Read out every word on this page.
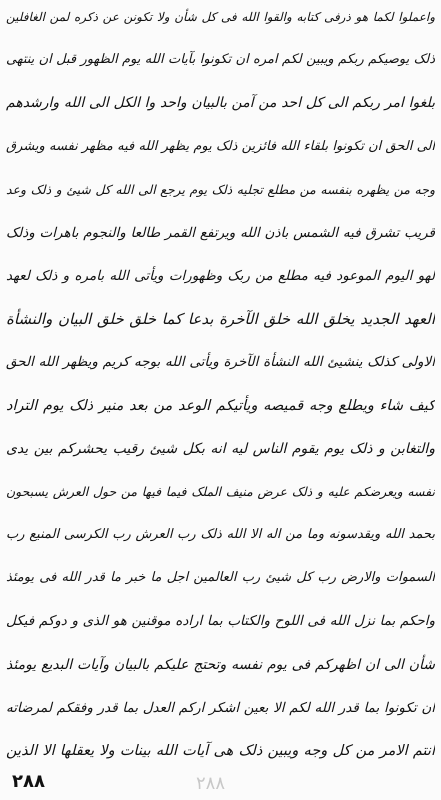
واعملوا لکما هو ذرفی کتابه والقوا الله فی کل شأن ولا تکونن عن ذکره لمن الغافلین
ذلک یوصیکم ربکم ویبین لکم امره ان تکونوا بآیات الله یوم الظهور قبل ان ینتهی
بلغوا امر ربکم الی کل احد من آمن بالبیان واحد وا الکل الی الله وارشدهم
الی الحق ان تکونوا بلقاء الله فائزین ذلک یوم یظهر الله فیه مظهر نفسه ویشرق
وجه من یظهره بنفسه من مطلع تجلیه ذلک یوم یرجع الی الله کل شیئ و ذلک وعد
قریب تشرق فیه الشمس باذن الله ویرتفع القمر طالعا والنجوم باهرات وذلک
لهو الیوم الموعود فیه مطلع من ربک وظهورات ویأتی الله بامره و ذلک لعهد
العهد الجدید یخلق الله خلق الآخرة بدعا کما خلق خلق البیان والنشأة
الاولی کذلک ینشیئ الله النشأة الآخرة ویأتی الله بوجه کریم ویظهر الله الحق
کیف شاء ویطلع وجه قمیصه ویأتیکم الوعد من بعد منیر ذلک یوم التراد
والتغابن و ذلک یوم یقوم الناس لیه انه بکل شیئ رقیب یحشرکم بین یدی
نفسه ویعرضکم علیه و ذلک عرض منیف الملک فیما فیها من حول العرش یسبحون
بحمد الله ویقدسونه وما من اله الا الله ذلک رب العرش رب الکرسی المنیع رب
السموات والارض رب کل شیئ رب العالمین اجل ما خبر ما قدر الله فی یومئذ
واحکم بما نزل الله فی اللوح والکتاب بما اراده موقنین هو الذی و دوکم فیکل
شأن الی ان اظهرکم فی یوم نفسه وتحتج علیکم بالبیان وآیات البدیع یومئذ
ان تکونوا بما قدر الله لکم الا بعین اشکر ارکم العدل بما قدر وفقکم لمرضاته
انتم الامر من کل وجه ویبین ذلک هی آیات الله بینات ولا یعقلها الا الذین
۲۸۸
۲۸۸
